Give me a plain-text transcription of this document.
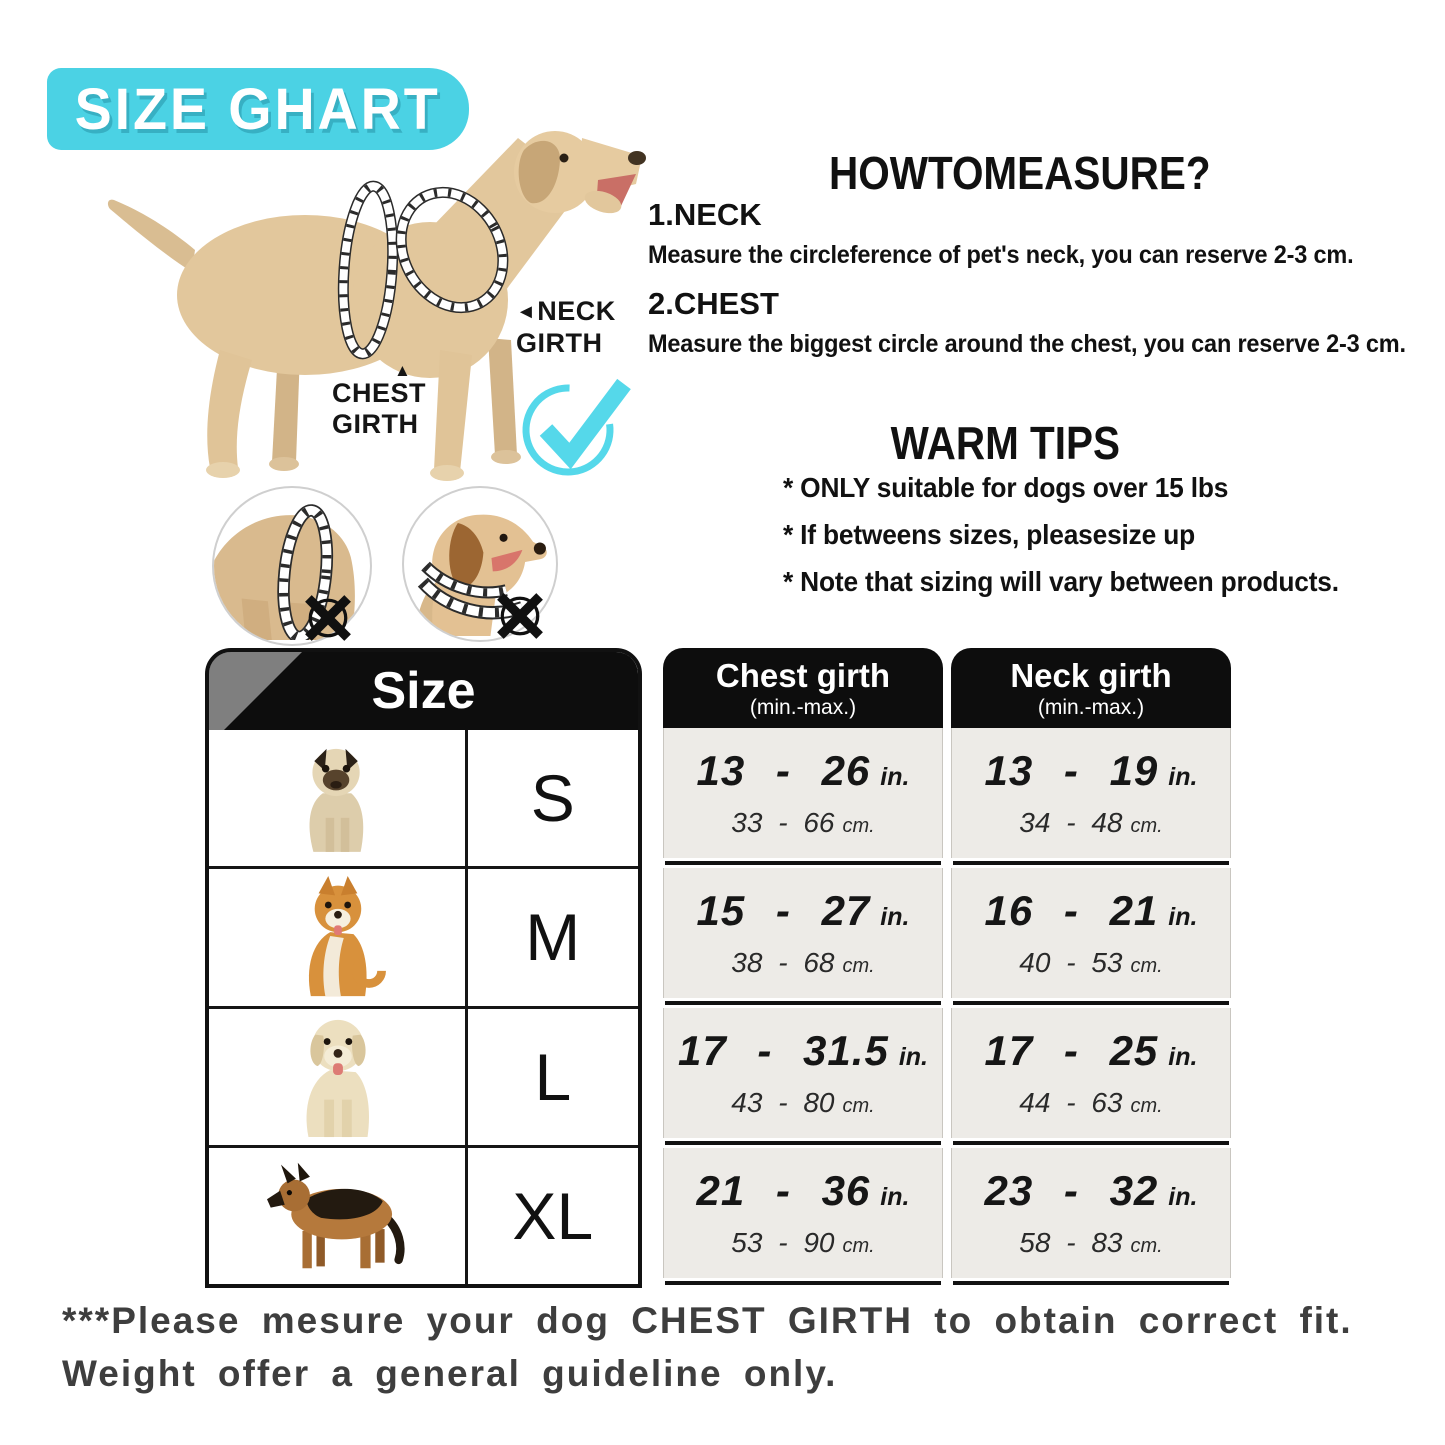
SIZE GHART
◄NECK
GIRTH
▲
CHEST
GIRTH
HOWTOMEASURE?
1.NECK
Measure the circleference of pet's neck, you can reserve 2-3 cm.
2.CHEST
Measure the biggest circle around the chest, you can reserve 2-3 cm.
WARM TIPS
* ONLY suitable for dogs over 15 lbs
* If betweens sizes, pleasesize up
* Note that sizing will vary between products.
Size
S
M
L
XL
Chest girth
(min.-max.)
13 - 26 in.
33 - 66 cm.
15 - 27 in.
38 - 68 cm.
17 - 31.5 in.
43 - 80 cm.
21 - 36 in.
53 - 90 cm.
Neck girth
(min.-max.)
13 - 19 in.
34 - 48 cm.
16 - 21 in.
40 - 53 cm.
17 - 25 in.
44 - 63 cm.
23 - 32 in.
58 - 83 cm.
***Please mesure your dog CHEST GIRTH to obtain correct fit.
Weight offer a general guideline only.
